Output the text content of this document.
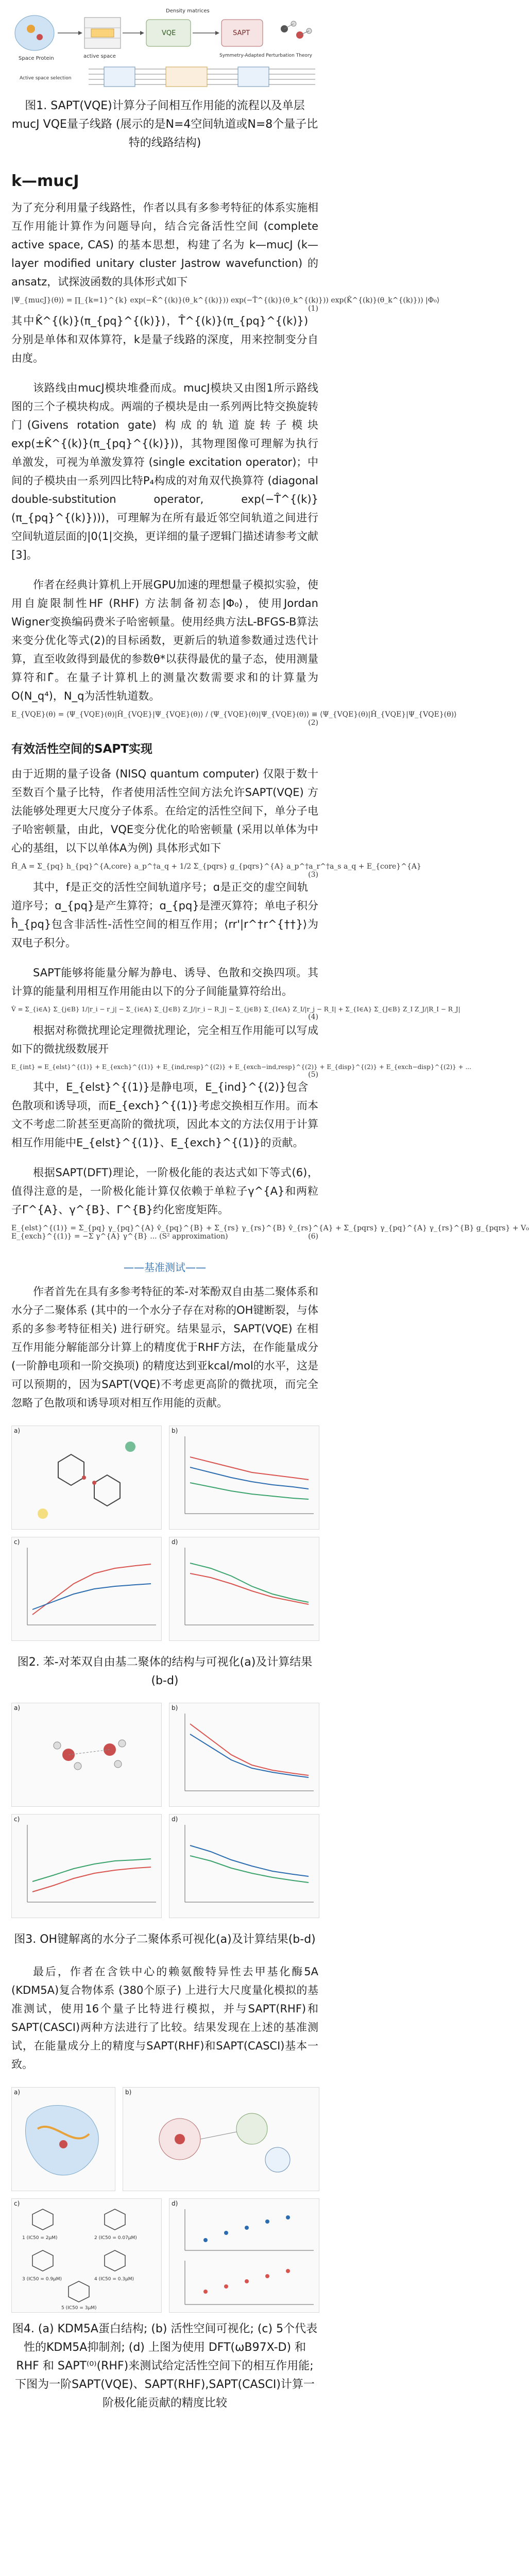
Space Protein	active space
VQE
Density matrices
SAPT
Symmetry-Adapted Perturbation Theory
Active space selection

图1. SAPT(VQE)计算分子间相互作用能的流程以及单层mucJ VQE量子线路 (展示的是N=4空间轨道或N=8个量子比特的线路结构)

k—mucJ

为了充分利用量子线路性，作者以具有多参考特征的体系实施相互作用能计算作为问题导向，结合完备活性空间 (complete active space, CAS) 的基本思想，构建了名为 k—mucJ (k—layer modified unitary cluster Jastrow wavefunction) 的ansatz，试探波函数的具体形式如下

|Ψ_{mucJ}(θ)⟩ = ∏_{k=1}^{k} exp(−K̂^{(k)}(θ_k^{(k)})) exp(−T̂^{(k)}(θ_k^{(k)})) exp(K̂^{(k)}(θ_k^{(k)})) |Φ₀⟩
(1)

其中K̂^{(k)}(π_{pq}^{(k)})，T̂^{(k)}(π_{pq}^{(k)})分别是单体和双体算符，k是量子线路的深度，用来控制变分自由度。

该路线由mucJ模块堆叠而成。mucJ模块又由图1所示路线图的三个子模块构成。两端的子模块是由一系列两比特交换旋转门(Givens rotation gate) 构成的轨道旋转子模块exp(±K̂^{(k)}(π_{pq}^{(k)}))，其物理图像可理解为执行单激发，可视为单激发算符 (single excitation operator)；中间的子模块由一系列四比特P₄构成的对角双代换算符 (diagonal double-substitution operator, exp(−T̂^{(k)}(π_{pq}^{(k)})))，可理解为在所有最近邻空间轨道之间进行空间轨道层面的|0⟨1|交换，更详细的量子逻辑门描述请参考文献[3]。

作者在经典计算机上开展GPU加速的理想量子模拟实验，使用自旋限制性HF (RHF) 方法制备初态|Φ₀⟩，使用Jordan Wigner变换编码费米子哈密顿量。使用经典方法L-BFGS-B算法来变分优化等式(2)的目标函数，更新后的轨道参数通过迭代计算，直至收敛得到最优的参数θ*以获得最优的量子态，使用测量算符和Γ̂。在量子计算机上的测量次数需要求和的计算量为O(N_q⁴)，N_q为活性轨道数。

E_{VQE}(θ) = ⟨Ψ_{VQE}(θ)|Ĥ_{VQE}|Ψ_{VQE}(θ)⟩ / ⟨Ψ_{VQE}(θ)|Ψ_{VQE}(θ)⟩ ≡ ⟨Ψ_{VQE}(θ)|Ĥ_{VQE}|Ψ_{VQE}(θ)⟩
(2)
有效活性空间的SAPT实现

由于近期的量子设备 (NISQ quantum computer) 仅限于数十至数百个量子比特，作者使用活性空间方法允许SAPT(VQE) 方法能够处理更大尺度分子体系。在给定的活性空间下，单分子电子哈密顿量，由此，VQE变分优化的哈密顿量 (采用以单体为中心的基组，以下以单体A为例) 具体形式如下

Ĥ_A = Σ_{pq} h_{pq}^{A,core} a_p^†a_q + 1/2 Σ_{pqrs} g_{pqrs}^{A} a_p^†a_r^†a_s a_q + E_{core}^{A}
(3)

其中，f是正交的活性空间轨道序号；ɑ是正交的虚空间轨道序号；ɑ_{pq}是产生算符；ɑ_{pq}是湮灭算符；单电子积分ĥ_{pq}包含非活性-活性空间的相互作用；⟨rr'|r^†r^{††}⟩为双电子积分。

SAPT能够将能量分解为静电、诱导、色散和交换四项。其计算的能量利用相互作用能由以下的分子间能量算符给出。

V̂ = Σ_{i∈A} Σ_{j∈B} 1/|r_i − r_j| − Σ_{i∈A} Σ_{J∈B} Z_J/|r_i − R_J| − Σ_{j∈B} Σ_{I∈A} Z_I/|r_j − R_I| + Σ_{I∈A} Σ_{J∈B} Z_I Z_J/|R_I − R_J|
(4)

根据对称微扰理论定理微扰理论，完全相互作用能可以写成如下的微扰级数展开

E_{int} = E_{elst}^{(1)} + E_{exch}^{(1)} + E_{ind,resp}^{(2)} + E_{exch−ind,resp}^{(2)} + E_{disp}^{(2)} + E_{exch−disp}^{(2)} + ...
(5)

其中，E_{elst}^{(1)}是静电项，E_{ind}^{(2)}包含色散项和诱导项，而E_{exch}^{(1)}考虑交换相互作用。而本文不考虑二阶甚至更高阶的微扰项，因此本文的方法仅用于计算相互作用能中E_{elst}^{(1)}、E_{exch}^{(1)}的贡献。

根据SAPT(DFT)理论，一阶极化能的表达式如下等式(6)，值得注意的是，一阶极化能计算仅依赖于单粒子γ^{A}和两粒子Γ^{A}、γ^{B}、Γ^{B}约化密度矩阵。

E_{elst}^{(1)} = Σ_{pq} γ_{pq}^{A} v̂_{pq}^{B} + Σ_{rs} γ_{rs}^{B} v̂_{rs}^{A} + Σ_{pqrs} γ_{pq}^{A} γ_{rs}^{B} g_{pqrs} + V₀
E_{exch}^{(1)} = −Σ γ^{A} γ^{B} ... (S² approximation)	(6)
——基准测试——

作者首先在具有多参考特征的苯-对苯酚双自由基二聚体系和水分子二聚体系 (其中的一个水分子存在对称的OH键断裂，与体系的多参考特征相关) 进行研究。结果显示，SAPT(VQE) 在相互作用能分解能部分计算上的精度优于RHF方法，在作能量成分 (一阶静电项和一阶交换项) 的精度达到亚kcal/mol的水平，这是可以预期的，因为SAPT(VQE)不考虑更高阶的微扰项，而完全忽略了色散项和诱导项对相互作用能的贡献。

a)	b)
c)	d)

图2. 苯-对苯双自由基二聚体的结构与可视化(a)及计算结果(b-d)

a)	b)
c)	d)

图3. OH键解离的水分子二聚体系可视化(a)及计算结果(b-d)

最后，作者在含铁中心的赖氨酸特异性去甲基化酶5A (KDM5A)复合物体系 (380个原子) 上进行大尺度量化模拟的基准测试，使用16个量子比特进行模拟，并与SAPT(RHF)和SAPT(CASCI)两种方法进行了比较。结果发现在上述的基准测试，在能量成分上的精度与SAPT(RHF)和SAPT(CASCI)基本一致。

a)	b)
c)
1 (IC50 = 2μM)	2 (IC50 = 0.07μM)
3 (IC50 = 0.9μM)	4 (IC50 = 0.3μM)
5 (IC50 = 3μM)
d)

图4. (a) KDM5A蛋白结构; (b) 活性空间可视化; (c) 5个代表性的KDM5A抑制剂; (d) 上图为使用 DFT(ωB97X-D) 和 RHF 和 SAPT⁽⁰⁾(RHF)来测试给定活性空间下的相互作用能; 下图为一阶SAPT(VQE)、SAPT(RHF),SAPT(CASCI)计算一阶极化能贡献的精度比较
